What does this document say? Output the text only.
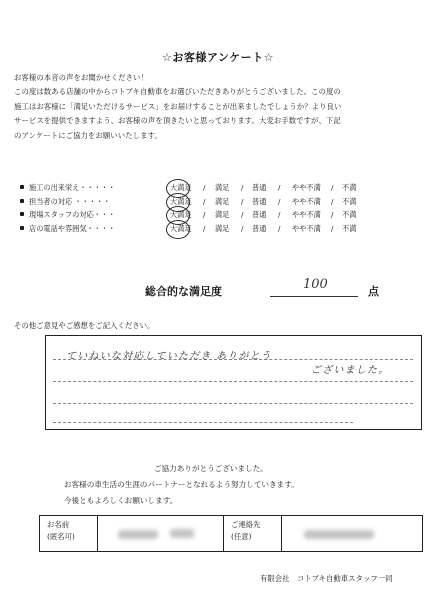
☆お客様アンケート☆
お客様の本音の声をお聞かせください！
この度は数ある店舗の中からコトブキ自動車をお選びいただきありがとうございました。この度の
施工はお客様に「満足いただけるサービス」をお届けすることが出来ましたでしょうか？より良い
サービスを提供できますよう、お客様の声を頂きたいと思っております。大変お手数ですが、下記
のアンケートにご協力をお願いいたします。
施工の出来栄え・・・・・	大満足	満足	普通	やや不満	不満
/	/	/	/
担当者の対応 ・・・・・	大満足	満足	普通	やや不満	不満
/	/	/	/
現場スタッフの対応・・・	大満足	満足	普通	やや不満	不満
/	/	/	/
店の電話や雰囲気・・・・	大満足	満足	普通	やや不満	不満
/	/	/	/
総合的な満足度	100	点
その他ご意見やご感想をご記入ください。
ていねいな対応していただき ありがとう
ございました。
ご協力ありがとうございました。
お客様の車生活の生涯のパートナーとなれるよう努力していきます。
今後ともよろしくお願いします。
お名前
(匿名可)
ご連絡先
(任意)
有限会社　コトブキ自動車スタッフ一同
